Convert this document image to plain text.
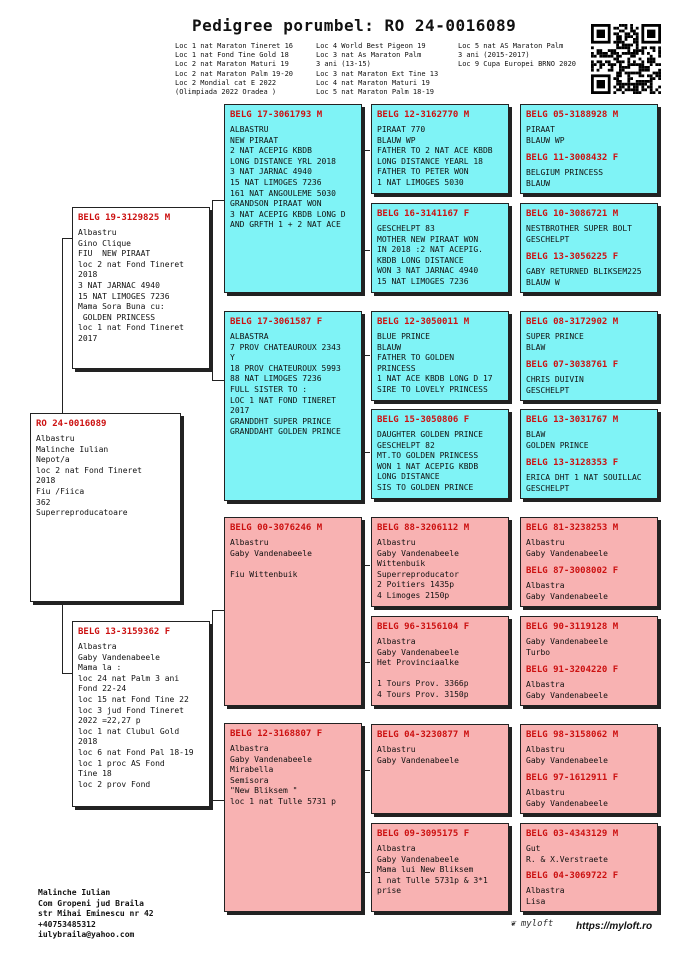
Pedigree porumbel: RO 24-0016089
Loc 1 nat Maraton Tineret 16
Loc 1 nat Fond Tine Gold 18
Loc 2 nat Maraton Maturi 19
Loc 2 nat Maraton Palm 19-20
Loc 2 Mondial cat E 2022
(Olimpiada 2022 Oradea )
Loc 4 World Best Pigeon 19
Loc 3 nat As Maraton Palm
3 ani (13-15)
Loc 3 nat Maraton Ext Tine 13
Loc 4 nat Maraton Maturi 19
Loc 5 nat Maraton Palm 18-19
Loc 5 nat AS Maraton Palm
3 ani (2015-2017)
Loc 9 Cupa Europei BRNO 2020
RO 24-0016089
Albastru
Malinche Iulian
Nepot/a
loc 2 nat Fond Tineret
2018
Fiu /Fiica
362
Superreproducatoare
BELG 19-3129825 M
Albastru
Gino Clique
FIU  NEW PIRAAT
loc 2 nat Fond Tineret
2018
3 NAT JARNAC 4940
15 NAT LIMOGES 7236
Mama Sora Buna cu:
GOLDEN PRINCESS
loc 1 nat Fond Tineret
2017
BELG 13-3159362 F
Albastra
Gaby Vandenabeele
Mama la :
loc 24 nat Palm 3 ani
Fond 22-24
loc 15 nat Fond Tine 22
loc 3 jud Fond Tineret
2022 =22,27 p
loc 1 nat Clubul Gold
2018
loc 6 nat Fond Pal 18-19
loc 1 proc AS Fond
Tine 18
loc 2 prov Fond
BELG 17-3061793 M
ALBASTRU
NEW PIRAAT
2 NAT ACEPIG KBDB
LONG DISTANCE YRL 2018
3 NAT JARNAC 4940
15 NAT LIMOGES 7236
161 NAT ANGOULEME 5030
GRANDSON PIRAAT WON
3 NAT ACEPIG KBDB LONG D
AND GRFTH 1 + 2 NAT ACE
BELG 17-3061587 F
ALBASTRA
7 PROV CHATEAUROUX 2343
Y
18 PROV CHATEUROUX 5993
88 NAT LIMOGES 7236
FULL SISTER TO :
LOC 1 NAT FOND TINERET
2017
GRANDDHT SUPER PRINCE
GRANDDAHT GOLDEN PRINCE
BELG 00-3076246 M
Albastru
Gaby Vandenabeele

Fiu Wittenbuik
BELG 12-3168807 F
Albastra
Gaby Vandenabeele
Mirabella
Semisora
"New Bliksem "
loc 1 nat Tulle 5731 p
BELG 12-3162770 M
PIRAAT 770
BLAUW WP
FATHER TO 2 NAT ACE KBDB
LONG DISTANCE YEARL 18
FATHER TO PETER WON
1 NAT LIMOGES 5030
BELG 16-3141167 F
GESCHELPT 83
MOTHER NEW PIRAAT WON
IN 2018 :2 NAT ACEPIG.
KBDB LONG DISTANCE
WON 3 NAT JARNAC 4940
15 NAT LIMOGES 7236
BELG 12-3050011 M
BLUE PRINCE
BLAUW
FATHER TO GOLDEN
PRINCESS
1 NAT ACE KBDB LONG D 17
SIRE TO LOVELY PRINCESS
BELG 15-3050806 F
DAUGHTER GOLDEN PRINCE
GESCHELPT 82
MT.TO GOLDEN PRINCESS
WON 1 NAT ACEPIG KBDB
LONG DISTANCE
SIS TO GOLDEN PRINCE
BELG 88-3206112 M
Albastru
Gaby Vandenabeele
Wittenbuik
Superreproducator
2 Poitiers 1435p
4 Limoges 2150p
BELG 96-3156104 F
Albastra
Gaby Vandenabeele
Het Provinciaalke

1 Tours Prov. 3366p
4 Tours Prov. 3150p
BELG 04-3230877 M
Albastru
Gaby Vandenabeele
BELG 09-3095175 F
Albastra
Gaby Vandenabeele
Mama lui New Bliksem
1 nat Tulle 5731p & 3*1
prise
BELG 05-3188928 M
PIRAAT
BLAUW WP
BELG 10-3086721 M
NESTBROTHER SUPER BOLT
GESCHELPT
BELG 08-3172902 M
SUPER PRINCE
BLAW
BELG 13-3031767 M
BLAW
GOLDEN PRINCE
BELG 81-3238253 M
Albastru
Gaby Vandenabeele
BELG 90-3119128 M
Gaby Vandenabeele
Turbo
BELG 98-3158062 M
Albastru
Gaby Vandenabeele
BELG 03-4343129 M
Gut
R. & X.Verstraete
BELG 11-3008432 F
BELGIUM PRINCESS
BLAUW
BELG 13-3056225 F
GABY RETURNED BLIKSEM225
BLAUW W
BELG 07-3038761 F
CHRIS DUIVIN
GESCHELPT
BELG 13-3128353 F
ERICA DHT 1 NAT SOUILLAC
GESCHELPT
BELG 87-3008002 F
Albastra
Gaby Vandenabeele
BELG 91-3204220 F
Albastra
Gaby Vandenabeele
BELG 97-1612911 F
Albastru
Gaby Vandenabeele
BELG 04-3069722 F
Albastra
Lisa
Malinche Iulian
Com Gropeni jud Braila
str Mihai Eminescu nr 42
+40753485312
iulybraila@yahoo.com
❦ myloft https://myloft.ro
